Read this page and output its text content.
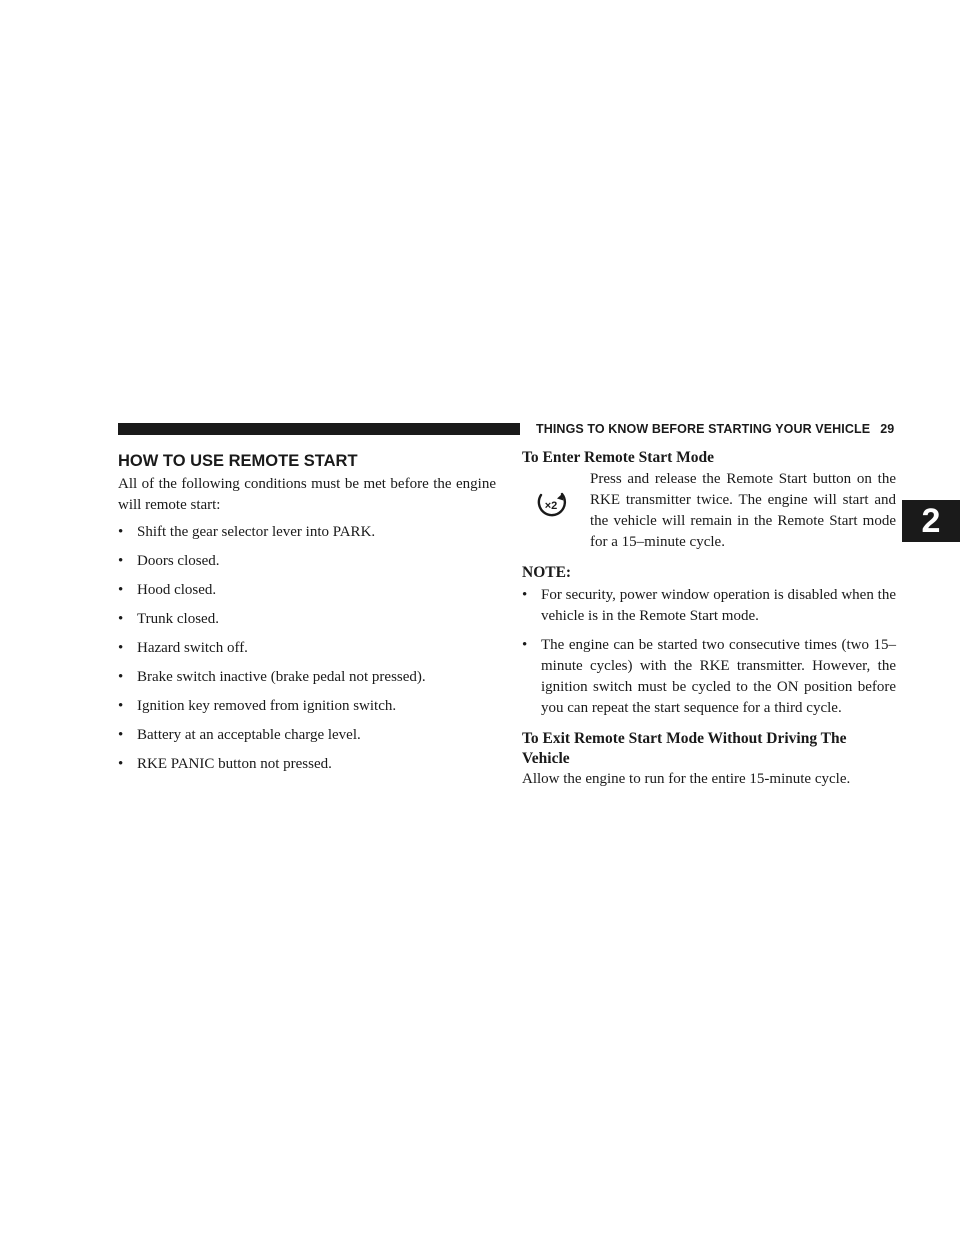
THINGS TO KNOW BEFORE STARTING YOUR VEHICLE 29
2
HOW TO USE REMOTE START

All of the following conditions must be met before the engine will remote start:

• Shift the gear selector lever into PARK.
• Doors closed.
• Hood closed.
• Trunk closed.
• Hazard switch off.
• Brake switch inactive (brake pedal not pressed).
• Ignition key removed from ignition switch.
• Battery at an acceptable charge level.
• RKE PANIC button not pressed.
To Enter Remote Start Mode
×2

Press and release the Remote Start button on the RKE transmitter twice. The engine will start and the vehicle will remain in the Remote Start mode for a 15–minute cycle.

NOTE:

• For security, power window operation is disabled when the vehicle is in the Remote Start mode.
• The engine can be started two consecutive times (two 15–minute cycles) with the RKE transmitter. However, the ignition switch must be cycled to the ON position before you can repeat the start sequence for a third cycle.
To Exit Remote Start Mode Without Driving The Vehicle

Allow the engine to run for the entire 15-minute cycle.
